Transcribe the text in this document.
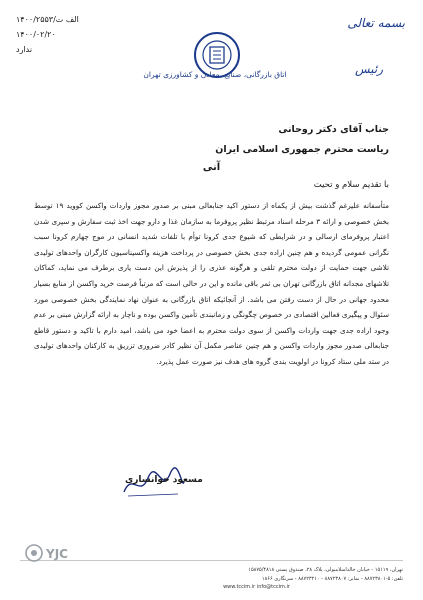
۱۴۰۰/الف ت/۲۵۵۳
۱۴۰۰/۰۲/۲۰
ندارد
اتاق بازرگانی، صنایع، معادن و کشاورزی تهران
بسمه تعالی
رئیس
جناب آقای دکتر روحانی
ریاست محترم جمهوری اسلامی ایران
آنی
با تقدیم سلام و تحیت
متأسفانه علیرغم گذشت بیش از یکماه از دستور اکید جنابعالی مبنی بر صدور مجوز واردات واکسن کووید ۱۹ توسط بخش خصوصی و ارائه ۳ مرحله اسناد مرتبط نظیر پروفرما به سازمان غذا و دارو جهت اخذ ثبت سفارش و سپری شدن اعتبار پروفرمای ارسالی و در شرایطی که شیوع جدی کرونا توأم با تلفات شدید انسانی در موج چهارم کرونا سبب نگرانی عمومی گردیده و هم چنین اراده جدی بخش خصوصی در پرداخت هزینه واکسیناسیون کارگران واحدهای تولیدی تلاشی جهت حمایت از دولت محترم تلقی و هرگونه عذری را از پذیرش این دست یاری برطرف می نماید، کماکان تلاشهای مجدانه اتاق بازرگانی تهران بی ثمر باقی مانده و این در حالی است که مرتباً فرصت خرید واکسن از منابع بسیار محدود جهانی در حال از دست رفتن می باشد. از آنجائیکه اتاق بازرگانی به عنوان نهاد نمایندگی بخش خصوصی مورد سئوال و پیگیری فعالین اقتصادی در خصوص چگونگی و زمانبندی تأمین واکسن بوده و ناچار به ارائه گزارش مبنی بر عدم وجود اراده جدی جهت واردات واکسن از سوی دولت محترم به اعضا خود می باشد، امید دارم با تاکید و دستور قاطع جنابعالی صدور مجوز واردات واکسن و هم چنین عناصر مکمل آن نظیر کادر ضروری تزریق به کارکنان واحدهای تولیدی در ستد ملی ستاد کرونا در اولویت بندی گروه های هدف نیز صورت عمل پذیرد.
مسعود خوانساری
تهران، ۱۵۱۱۹ - خیابان خالداسلامبولی، پلاک ۲۸، صندوق پستی ۱۵۸۷۵/۴۸۱۸
تلفن: ۵-۸۸۷۲۳۸۰۱ - نمابر: ۸۸۷۲۳۸۰۷ - ۸۸۷۲۳۲۱۰ - سرنگاری ۱۸۶۶
www.tccim.ir info@tccim.ir
YJC
